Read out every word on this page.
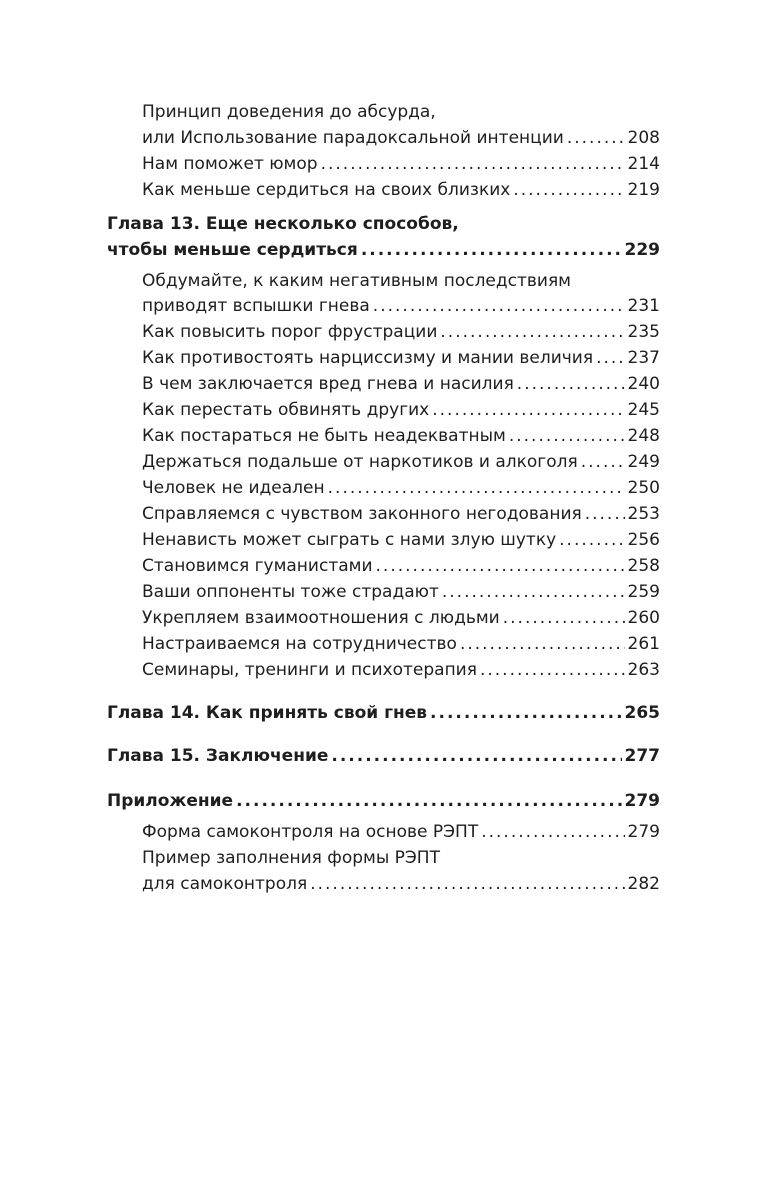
Принцип доведения до абсурда,
или Использование парадоксальной интенции .....	208
Нам поможет юмор .....	214
Как меньше сердиться на своих близких .....	219
Глава 13. Еще несколько способов,
чтобы меньше сердиться .....	229
Обдумайте, к каким негативным последствиям
приводят вспышки гнева .....	231
Как повысить порог фрустрации .....	235
Как противостоять нарциссизму и мании величия ..... 237
В чем заключается вред гнева и насилия .....	240
Как перестать обвинять других .....	245
Как постараться не быть неадекватным .....	248
Держаться подальше от наркотиков и алкоголя .....	249
Человек не идеален .....	250
Справляемся с чувством законного негодования .....	253
Ненависть может сыграть с нами злую шутку .....	256
Становимся гуманистами .....	258
Ваши оппоненты тоже страдают .....	259
Укрепляем взаимоотношения с людьми .....	260
Настраиваемся на сотрудничество .....	261
Семинары, тренинги и психотерапия .....	263
Глава 14. Как принять свой гнев .....	265
Глава 15. Заключение .....	277
Приложение .....	279
Форма самоконтроля на основе РЭПТ .....	279
Пример заполнения формы РЭПТ
для самоконтроля .....	282
